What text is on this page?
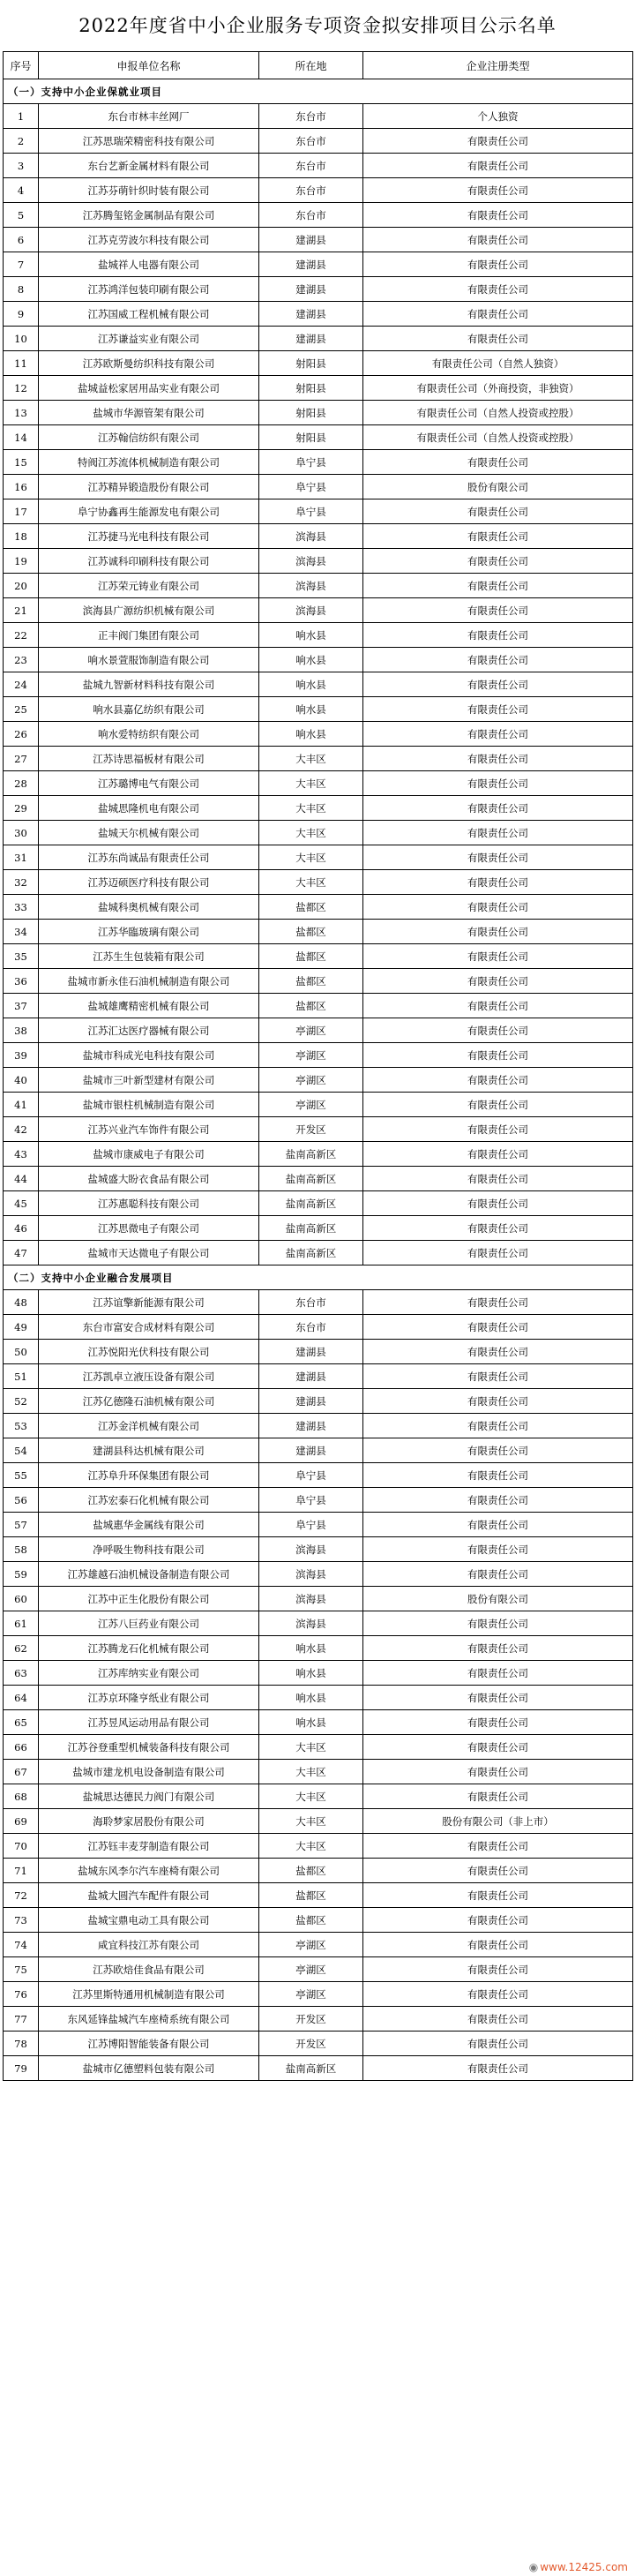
2022年度省中小企业服务专项资金拟安排项目公示名单
序号	申报单位名称	所在地	企业注册类型
（一）支持中小企业保就业项目			
1	东台市林丰丝网厂	东台市	个人独资
2	江苏思瑞荣精密科技有限公司	东台市	有限责任公司
3	东台艺新金属材料有限公司	东台市	有限责任公司
4	江苏芬萌针织时装有限公司	东台市	有限责任公司
5	江苏腾玺铭金属制品有限公司	东台市	有限责任公司
6	江苏克劳波尔科技有限公司	建湖县	有限责任公司
7	盐城祥人电器有限公司	建湖县	有限责任公司
8	江苏鸿洋包装印刷有限公司	建湖县	有限责任公司
9	江苏国威工程机械有限公司	建湖县	有限责任公司
10	江苏谦益实业有限公司	建湖县	有限责任公司
11	江苏欧斯曼纺织科技有限公司	射阳县	有限责任公司（自然人独资）
12	盐城益松家居用品实业有限公司	射阳县	有限责任公司（外商投资，非独资）
13	盐城市华源管架有限公司	射阳县	有限责任公司（自然人投资或控股）
14	江苏翰信纺织有限公司	射阳县	有限责任公司（自然人投资或控股）
15	特阀江苏流体机械制造有限公司	阜宁县	有限责任公司
16	江苏精异锻造股份有限公司	阜宁县	股份有限公司
17	阜宁协鑫再生能源发电有限公司	阜宁县	有限责任公司
18	江苏捷马光电科技有限公司	滨海县	有限责任公司
19	江苏诚科印刷科技有限公司	滨海县	有限责任公司
20	江苏荣元铸业有限公司	滨海县	有限责任公司
21	滨海县广源纺织机械有限公司	滨海县	有限责任公司
22	正丰阀门集团有限公司	响水县	有限责任公司
23	响水景萱服饰制造有限公司	响水县	有限责任公司
24	盐城九智新材料科技有限公司	响水县	有限责任公司
25	响水县嘉亿纺织有限公司	响水县	有限责任公司
26	响水爱特纺织有限公司	响水县	有限责任公司
27	江苏诗思福板材有限公司	大丰区	有限责任公司
28	江苏璐博电气有限公司	大丰区	有限责任公司
29	盐城思隆机电有限公司	大丰区	有限责任公司
30	盐城天尔机械有限公司	大丰区	有限责任公司
31	江苏东尚诚品有限责任公司	大丰区	有限责任公司
32	江苏迈硕医疗科技有限公司	大丰区	有限责任公司
33	盐城科奥机械有限公司	盐都区	有限责任公司
34	江苏华臨玻璃有限公司	盐都区	有限责任公司
35	江苏生生包装箱有限公司	盐都区	有限责任公司
36	盐城市新永佳石油机械制造有限公司	盐都区	有限责任公司
37	盐城雄鹰精密机械有限公司	盐都区	有限责任公司
38	江苏汇达医疗器械有限公司	亭湖区	有限责任公司
39	盐城市科成光电科技有限公司	亭湖区	有限责任公司
40	盐城市三叶新型建材有限公司	亭湖区	有限责任公司
41	盐城市银柱机械制造有限公司	亭湖区	有限责任公司
42	江苏兴业汽车饰件有限公司	开发区	有限责任公司
43	盐城市康威电子有限公司	盐南高新区	有限责任公司
44	盐城盛大盼衣食品有限公司	盐南高新区	有限责任公司
45	江苏惠聪科技有限公司	盐南高新区	有限责任公司
46	江苏思微电子有限公司	盐南高新区	有限责任公司
47	盐城市天达微电子有限公司	盐南高新区	有限责任公司
（二）支持中小企业融合发展项目			
48	江苏谊擎新能源有限公司	东台市	有限责任公司
49	东台市富安合成材料有限公司	东台市	有限责任公司
50	江苏悦阳光伏科技有限公司	建湖县	有限责任公司
51	江苏凯卓立液压设备有限公司	建湖县	有限责任公司
52	江苏亿德隆石油机械有限公司	建湖县	有限责任公司
53	江苏金洋机械有限公司	建湖县	有限责任公司
54	建湖县科达机械有限公司	建湖县	有限责任公司
55	江苏阜升环保集团有限公司	阜宁县	有限责任公司
56	江苏宏泰石化机械有限公司	阜宁县	有限责任公司
57	盐城惠华金属线有限公司	阜宁县	有限责任公司
58	净呼吸生物科技有限公司	滨海县	有限责任公司
59	江苏雄越石油机械设备制造有限公司	滨海县	有限责任公司
60	江苏中正生化股份有限公司	滨海县	股份有限公司
61	江苏八巨药业有限公司	滨海县	有限责任公司
62	江苏腾龙石化机械有限公司	响水县	有限责任公司
63	江苏库纳实业有限公司	响水县	有限责任公司
64	江苏京环隆亨纸业有限公司	响水县	有限责任公司
65	江苏昱风运动用品有限公司	响水县	有限责任公司
66	江苏谷登重型机械装备科技有限公司	大丰区	有限责任公司
67	盐城市建龙机电设备制造有限公司	大丰区	有限责任公司
68	盐城思达德民力阀门有限公司	大丰区	有限责任公司
69	海聆梦家居股份有限公司	大丰区	股份有限公司（非上市）
70	江苏钰丰麦芽制造有限公司	大丰区	有限责任公司
71	盐城东风李尔汽车座椅有限公司	盐都区	有限责任公司
72	盐城大圆汽车配件有限公司	盐都区	有限责任公司
73	盐城宝鼎电动工具有限公司	盐都区	有限责任公司
74	咸宜科技江苏有限公司	亭湖区	有限责任公司
75	江苏欧焙佳食品有限公司	亭湖区	有限责任公司
76	江苏里斯特通用机械制造有限公司	亭湖区	有限责任公司
77	东风延锋盐城汽车座椅系统有限公司	开发区	有限责任公司
78	江苏博阳智能装备有限公司	开发区	有限责任公司
79	盐城市亿德塑料包装有限公司	盐南高新区	有限责任公司
◉ www.12425.com
